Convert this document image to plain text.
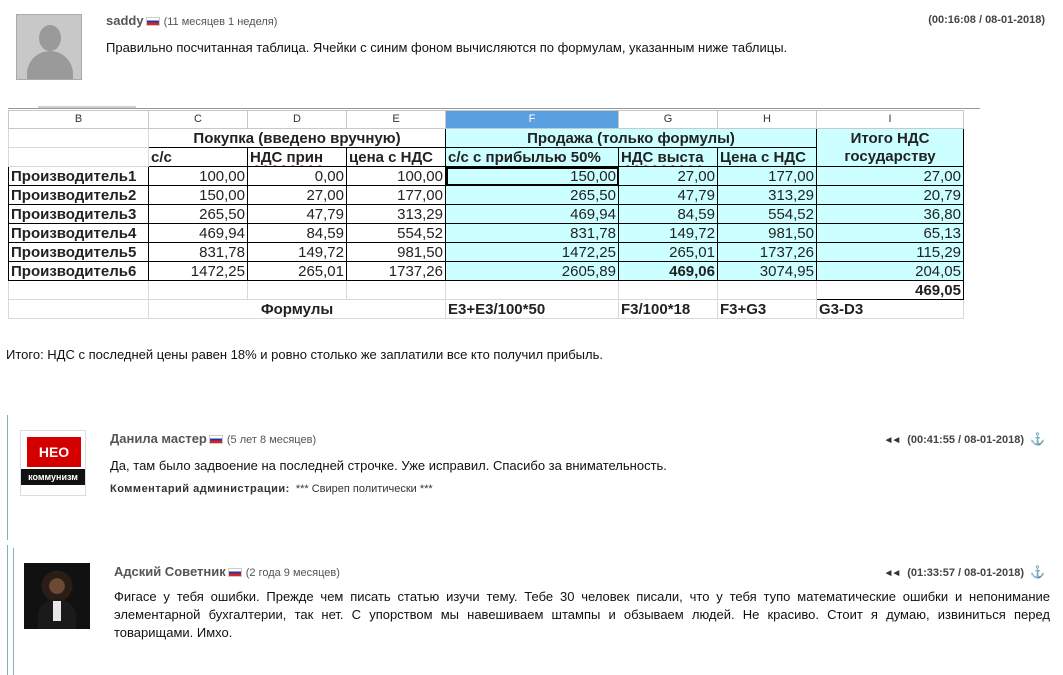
saddy (11 месяцев 1 неделя)	(00:16:08 / 08-01-2018)
Правильно посчитанная таблица. Ячейки с синим фоном вычисляются по формулам, указанным ниже таблицы.
B	C	D	E	F	G	H	I
	Покупка (введено вручную)			Продажа (только формулы)			Итого НДС государству
	с/с	НДС прин	цена с НДС	с/с с прибылью 50%	НДС выста	Цена с НДС	
Производитель1	100,00	0,00	100,00	150,00	27,00	177,00	27,00
Производитель2	150,00	27,00	177,00	265,50	47,79	313,29	20,79
Производитель3	265,50	47,79	313,29	469,94	84,59	554,52	36,80
Производитель4	469,94	84,59	554,52	831,78	149,72	981,50	65,13
Производитель5	831,78	149,72	981,50	1472,25	265,01	1737,26	115,29
Производитель6	1472,25	265,01	1737,26	2605,89	469,06	3074,95	204,05
							469,05
	Формулы			E3+E3/100*50	F3/100*18	F3+G3	G3-D3
Итого: НДС с последней цены равен 18% и ровно столько же заплатили все кто получил прибыль.
НЕО
коммунизм
Данила мастер (5 лет 8 месяцев)	◄◄ (00:41:55 / 08-01-2018) ⚓
Да, там было задвоение на последней строчке. Уже исправил. Спасибо за внимательность.
Комментарий администрации: *** Свиреп политически ***
Адский Советник (2 года 9 месяцев)	◄◄ (01:33:57 / 08-01-2018) ⚓
Фигасе у тебя ошибки. Прежде чем писать статью изучи тему. Тебе 30 человек писали, что у тебя тупо математические ошибки и непонимание элементарной бухгалтерии, так нет. С упорством мы навешиваем штампы и обзываем людей. Не красиво. Стоит я думаю, извиниться перед товарищами. Имхо.
